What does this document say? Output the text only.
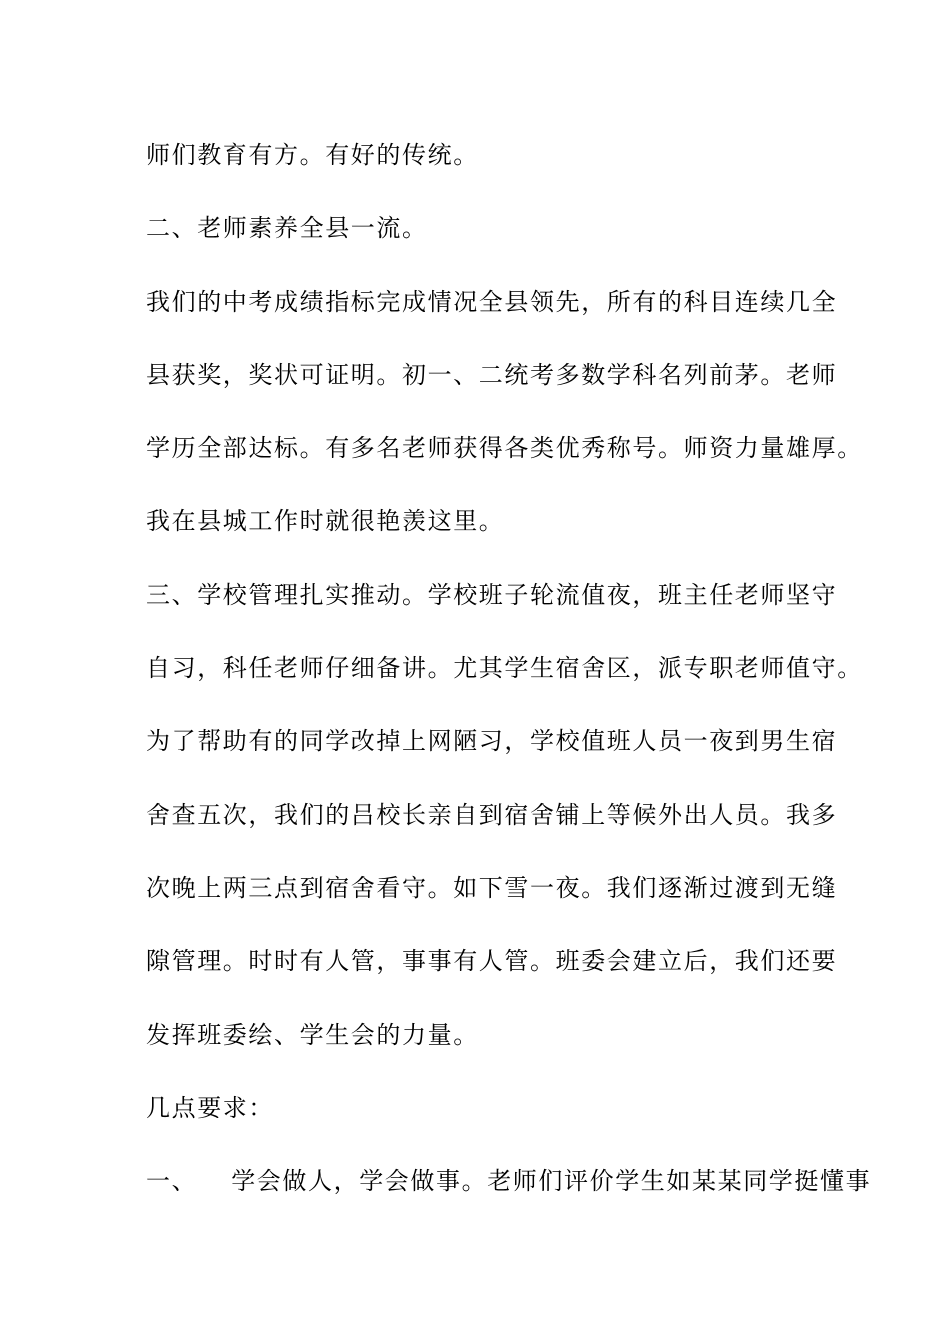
师们教育有方。有好的传统。
二、老师素养全县一流。
我们的中考成绩指标完成情况全县领先，所有的科目连续几全
县获奖，奖状可证明。初一、二统考多数学科名列前茅。老师
学历全部达标。有多名老师获得各类优秀称号。师资力量雄厚。
我在县城工作时就很艳羡这里。
三、学校管理扎实推动。学校班子轮流值夜，班主任老师坚守
自习，科任老师仔细备讲。尤其学生宿舍区，派专职老师值守。
为了帮助有的同学改掉上网陋习，学校值班人员一夜到男生宿
舍查五次，我们的吕校长亲自到宿舍铺上等候外出人员。我多
次晚上两三点到宿舍看守。如下雪一夜。我们逐渐过渡到无缝
隙管理。时时有人管，事事有人管。班委会建立后，我们还要
发挥班委绘、学生会的力量。
几点要求：
一、 学会做人，学会做事。老师们评价学生如某某同学挺懂事
